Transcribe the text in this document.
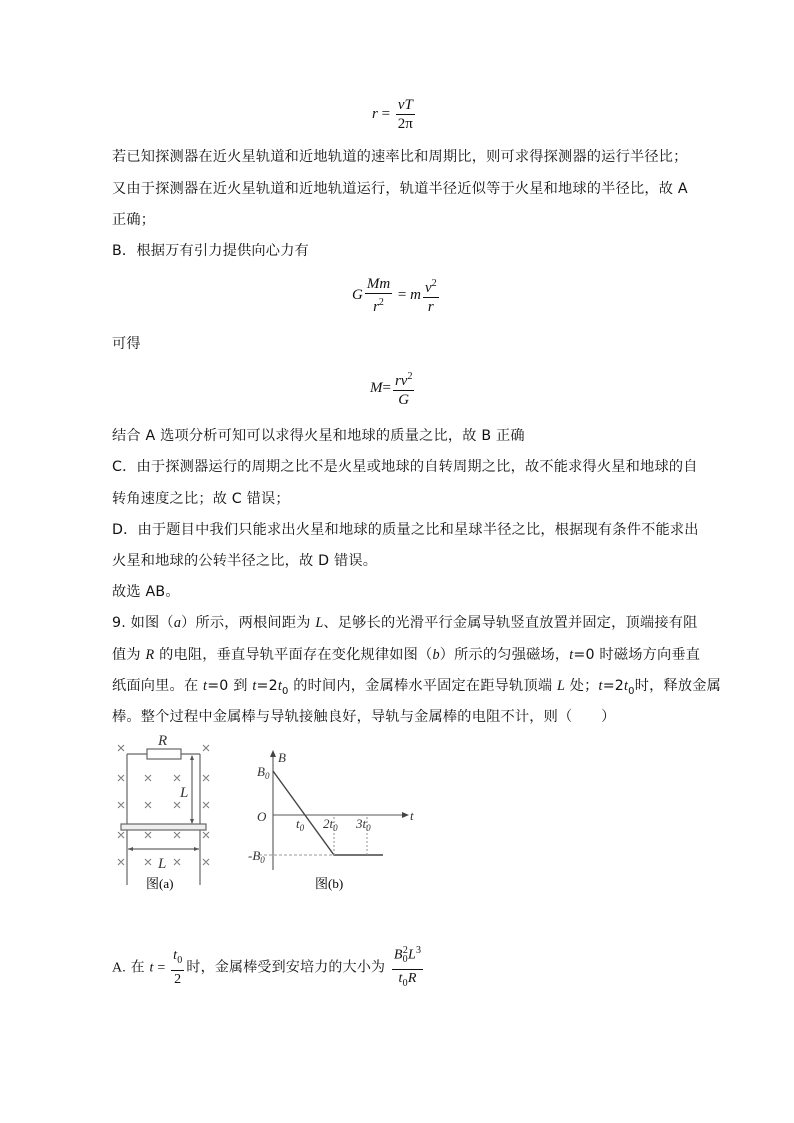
$r = \frac{vT}{2\pi}$
若已知探测器在近火星轨道和近地轨道的速率比和周期比，则可求得探测器的运行半径比；
又由于探测器在近火星轨道和近地轨道运行，轨道半径近似等于火星和地球的半径比，故 A
正确；
B．根据万有引力提供向心力有
G $\frac{Mm}{r^2} = m \frac{v^2}{r}$
可得
$M= \frac{rv^2}{G}$
结合 A 选项分析可知可以求得火星和地球的质量之比，故 B 正确
C．由于探测器运行的周期之比不是火星或地球的自转周期之比，故不能求得火星和地球的自
转角速度之比；故 C 错误；
D．由于题目中我们只能求出火星和地球的质量之比和星球半径之比，根据现有条件不能求出
火星和地球的公转半径之比，故 D 错误。
故选 AB。
9. 如图（a）所示，两根间距为 L、足够长的光滑平行金属导轨竖直放置并固定，顶端接有阻
值为 R 的电阻，垂直导轨平面存在变化规律如图（b）所示的匀强磁场，t=0 时磁场方向垂直
纸面向里。在 t=0 到 $t=2t_0$ 的时间内，金属棒水平固定在距导轨顶端 L 处；$t=2t_0$时，释放金属
棒。整个过程中金属棒与导轨接触良好，导轨与金属棒的电阻不计，则（　　）
R
L
L
图(a)
B
$B_0$
O	t
$t_0$ $2t_0$ $3t_0$
$-B_0$
图(b)
A. 在 $t = \frac{t_0}{2}$ 时，金属棒受到安培力的大小为 $\frac{B_0^2L^3}{t_0R}$
